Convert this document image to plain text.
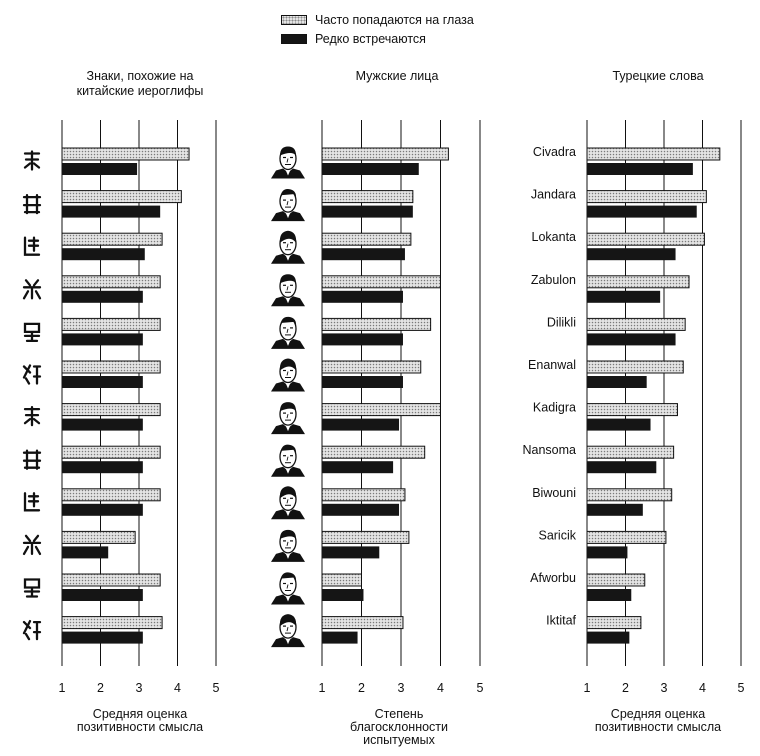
Часто попадаются на глаза
Редко встречаются
Знаки, похожие на
китайские иероглифы
1	2	3	4	5
Средняя оценка
позитивности смысла
Мужские лица
1	2	3	4	5
Степень
благосклонности
испытуемых
Турецкие слова
1	2	3	4	5
Средняя оценка
позитивности смысла
Civadra
Jandara
Lokanta
Zabulon
Dilikli
Enanwal
Kadigra
Nansoma
Biwouni
Saricik
Afworbu
Iktitaf
